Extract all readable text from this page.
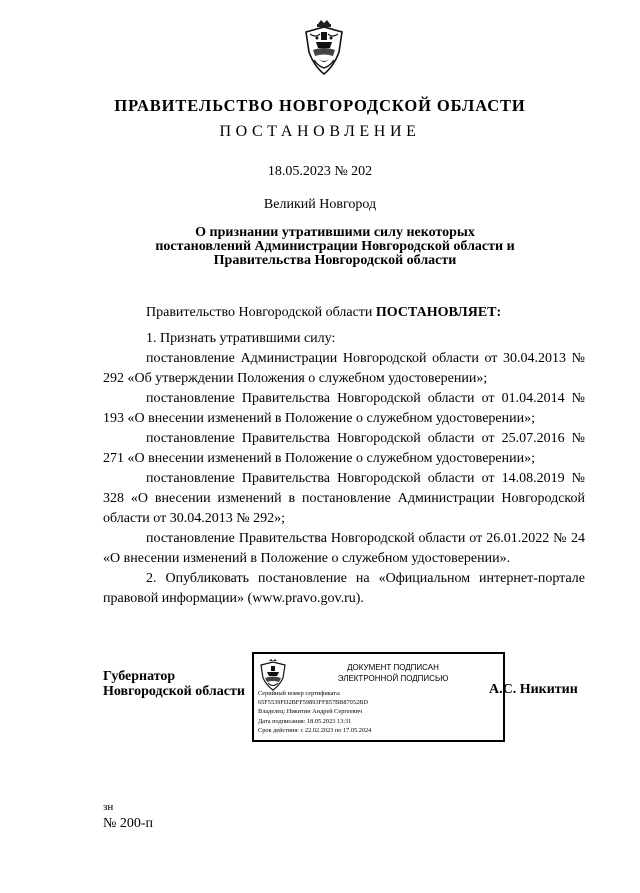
ПРАВИТЕЛЬСТВО НОВГОРОДСКОЙ ОБЛАСТИ
ПОСТАНОВЛЕНИЕ
18.05.2023 № 202
Великий Новгород
О признании утратившими силу некоторых постановлений Администрации Новгородской области и Правительства Новгородской области

Правительство Новгородской области ПОСТАНОВЛЯЕТ:

1. Признать утратившими силу:

постановление Администрации Новгородской области от 30.04.2013 № 292 «Об утверждении Положения о служебном удостоверении»;

постановление Правительства Новгородской области от 01.04.2014 № 193 «О внесении изменений в Положение о служебном удостоверении»;

постановление Правительства Новгородской области от 25.07.2016 № 271 «О внесении изменений в Положение о служебном удостоверении»;

постановление Правительства Новгородской области от 14.08.2019 № 328 «О внесении изменений в постановление Администрации Новгородской области от 30.04.2013 № 292»;

постановление Правительства Новгородской области от 26.01.2022 № 24 «О внесении изменений в Положение о служебном удостоверении».

2. Опубликовать постановление на «Официальном интернет-портале правовой информации» (www.pravo.gov.ru).

Губернатор
Новгородской области
ДОКУМЕНТ ПОДПИСАН
ЭЛЕКТРОННОЙ ПОДПИСЬЮ
Серийный номер сертификата:
65F5539FD2BFF59893FF857BB87052BD
Владелец: Никитин Андрей Сергеевич
Дата подписания: 18.05.2023 13:31
Срок действия: с 22.02.2023 по 17.05.2024
А.С. Никитин
зн
№ 200-п
